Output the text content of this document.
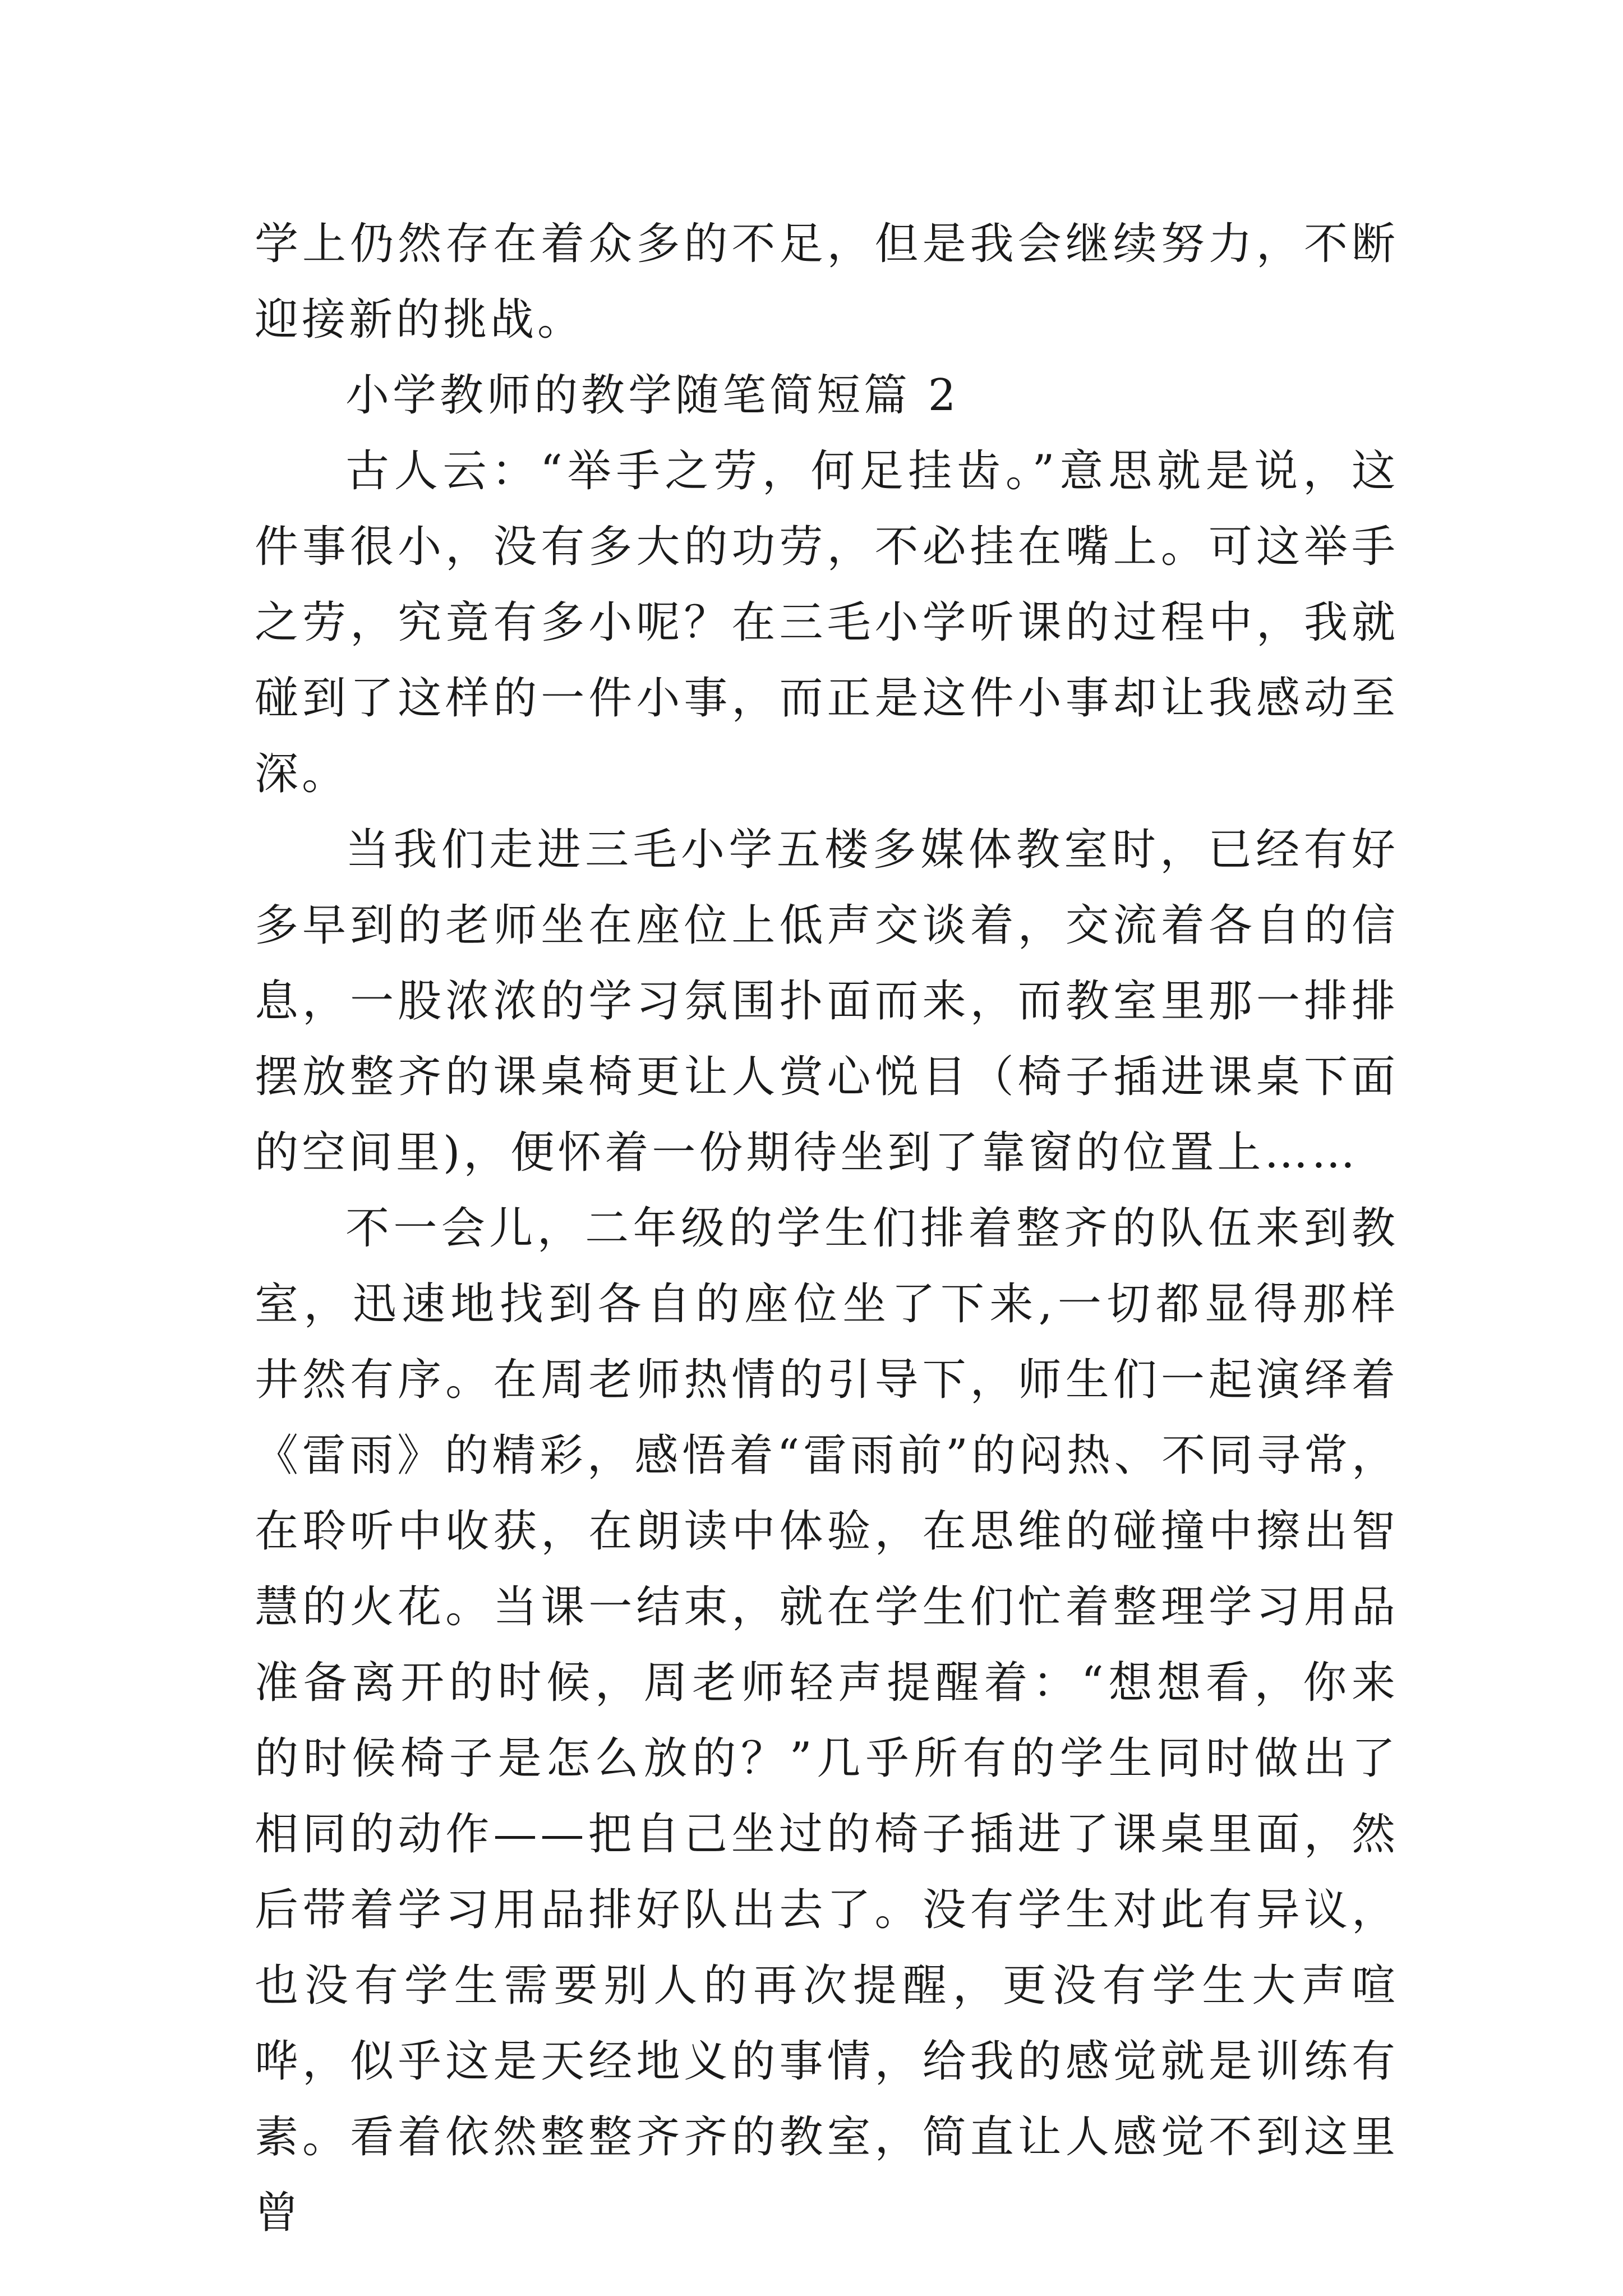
学上仍然存在着众多的不足，但是我会继续努力，不断迎接新的挑战。

小学教师的教学随笔简短篇 2

古人云：“举手之劳，何足挂齿。”意思就是说，这件事很小，没有多大的功劳，不必挂在嘴上。可这举手之劳，究竟有多小呢？在三毛小学听课的过程中，我就碰到了这样的一件小事，而正是这件小事却让我感动至深。

当我们走进三毛小学五楼多媒体教室时，已经有好多早到的老师坐在座位上低声交谈着，交流着各自的信息，一股浓浓的学习氛围扑面而来，而教室里那一排排摆放整齐的课桌椅更让人赏心悦目（椅子插进课桌下面的空间里)，便怀着一份期待坐到了靠窗的位置上……

不一会儿，二年级的学生们排着整齐的队伍来到教室，迅速地找到各自的座位坐了下来,一切都显得那样井然有序。在周老师热情的引导下，师生们一起演绎着《雷雨》的精彩，感悟着“雷雨前”的闷热、不同寻常，在聆听中收获，在朗读中体验，在思维的碰撞中擦出智慧的火花。当课一结束，就在学生们忙着整理学习用品准备离开的时候，周老师轻声提醒着：“想想看，你来的时候椅子是怎么放的？”几乎所有的学生同时做出了相同的动作——把自己坐过的椅子插进了课桌里面，然后带着学习用品排好队出去了。没有学生对此有异议，也没有学生需要别人的再次提醒，更没有学生大声喧哗，似乎这是天经地义的事情，给我的感觉就是训练有素。看着依然整整齐齐的教室，简直让人感觉不到这里曾
